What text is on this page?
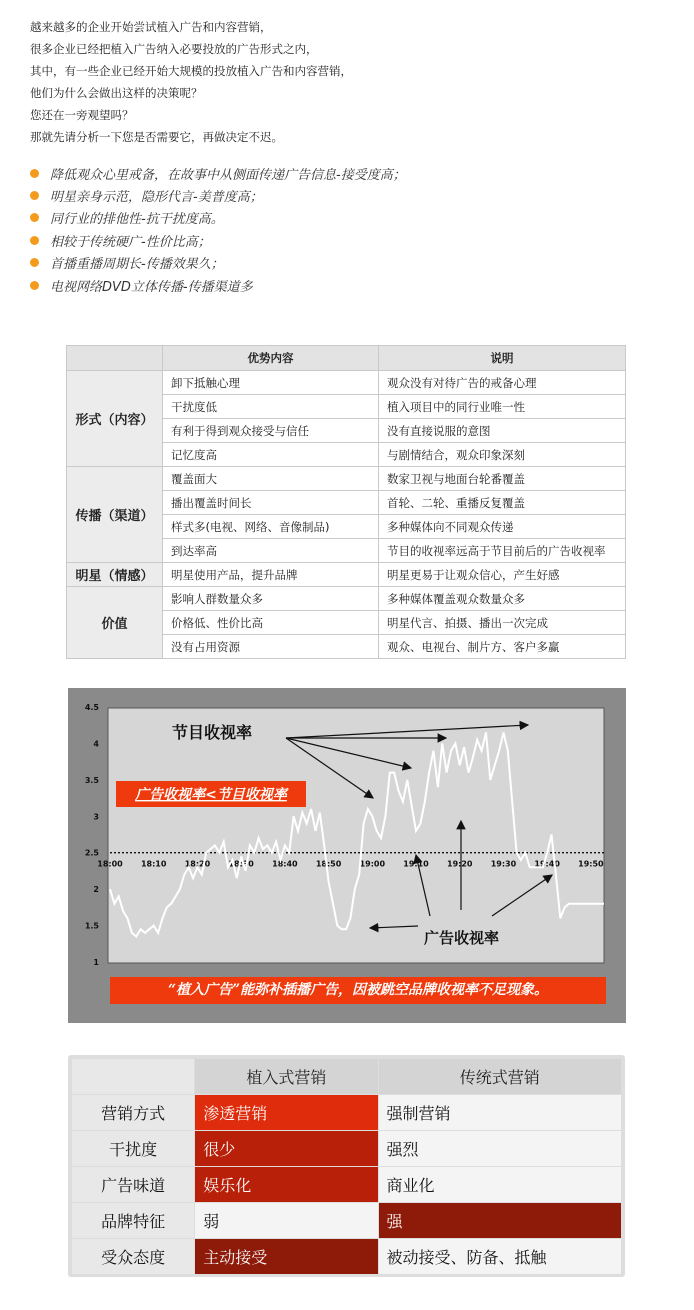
越来越多的企业开始尝试植入广告和内容营销，

很多企业已经把植入广告纳入必要投放的广告形式之内，

其中，有一些企业已经开始大规模的投放植入广告和内容营销，

他们为什么会做出这样的决策呢？

您还在一旁观望吗？

那就先请分析一下您是否需要它，再做决定不迟。

降低观众心里戒备，在故事中从侧面传递广告信息-接受度高；
明星亲身示范，隐形代言-美普度高；
同行业的排他性-抗干扰度高。
相较于传统硬广-性价比高；
首播重播周期长-传播效果久；
电视网络DVD立体传播-传播渠道多
	优势内容	说明
形式（内容）	卸下抵触心理	观众没有对待广告的戒备心理
	干扰度低	植入项目中的同行业唯一性
	有利于得到观众接受与信任	没有直接说服的意图
	记忆度高	与剧情结合，观众印象深刻
传播（渠道）	覆盖面大	数家卫视与地面台轮番覆盖
	播出覆盖时间长	首轮、二轮、重播反复覆盖
	样式多(电视、网络、音像制品)	多种媒体向不同观众传递
	到达率高	节目的收视率远高于节目前后的广告收视率
明星（情感）	明星使用产品，提升品牌	明星更易于让观众信心，产生好感
价值	影响人群数量众多	多种媒体覆盖观众数量众多
	价格低、性价比高	明星代言、拍摄、播出一次完成
	没有占用资源	观众、电视台、制片方、客户多赢
1
1.5
2
2.5
3
3.5
4
4.5
18:00 18:10 18:20 18:30 18:40 18:50 19:00 19:10 19:20 19:30 19:40 19:50
节目收视率
广告收视率<节目收视率
广告收视率
“植入广告”能弥补插播广告，因被跳空品牌收视率不足现象。
	植入式营销	传统式营销
营销方式	渗透营销	强制营销
干扰度	很少	强烈
广告味道	娱乐化	商业化
品牌特征	弱	强
受众态度	主动接受	被动接受、防备、抵触
